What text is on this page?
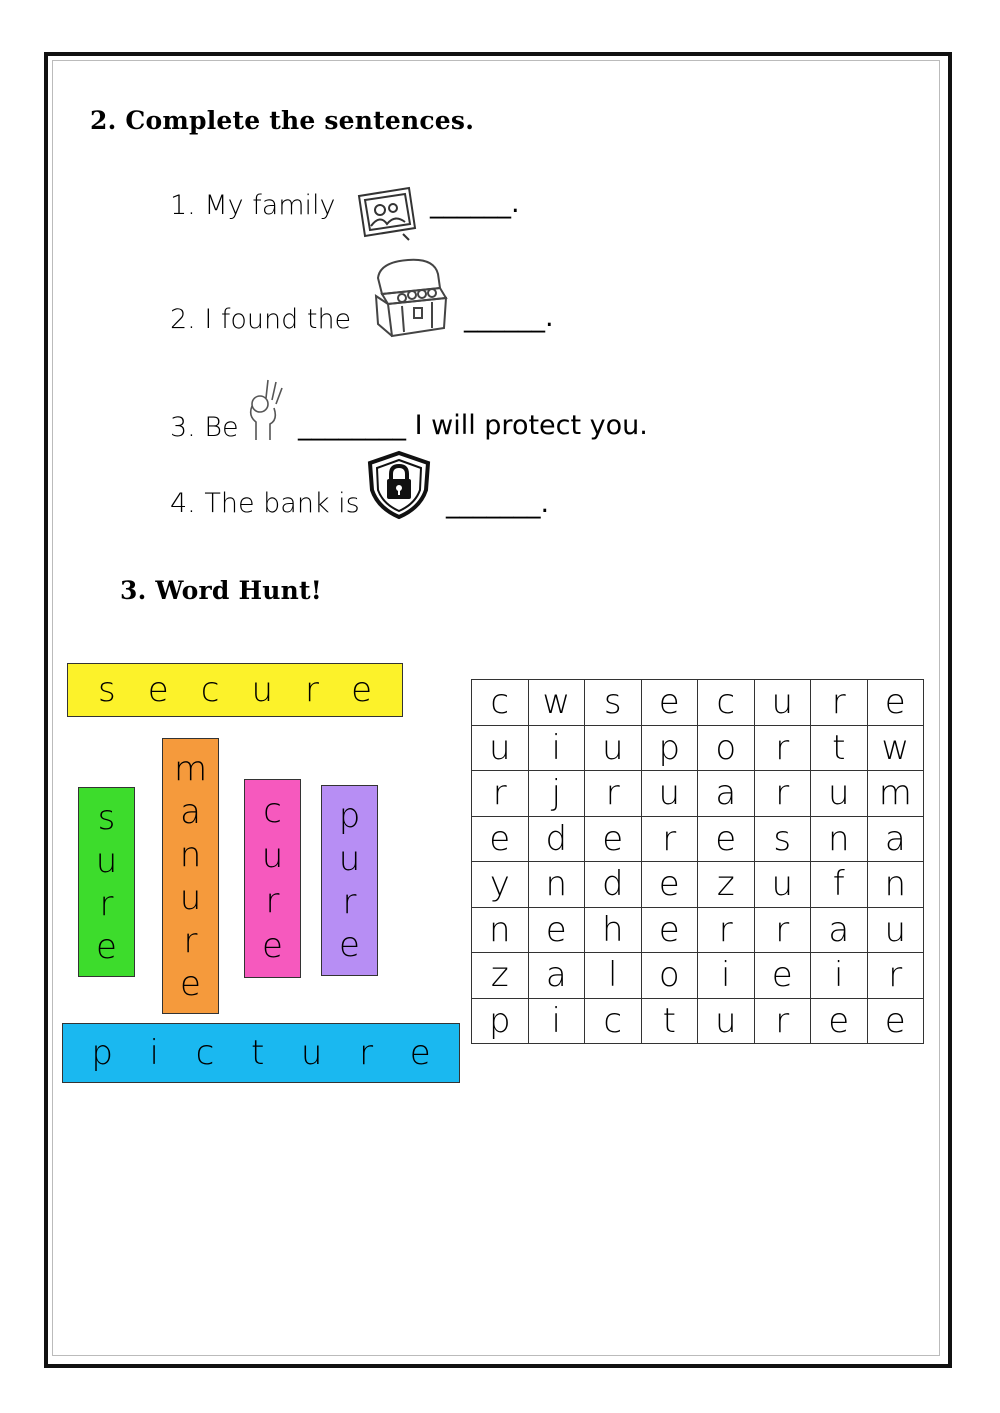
2. Complete the sentences.
1. My family	______.
2. I found the	______.
3. Be ________ I will protect you.
4. The bank is	_______.
3. Word Hunt!
s e c u r e
s
u
r
e
m
a
n
u
r
e
c
u
r
e
p
u
r
e
p i c t u r e
c	w	s	e	c	u	r	e
u	i	u	p	o	r	t	w
r	j	r	u	a	r	u	m
e	d	e	r	e	s	n	a
y	n	d	e	z	u	f	n
n	e	h	e	r	r	a	u
z	a	l	o	i	e	i	r
p	i	c	t	u	r	e	e
